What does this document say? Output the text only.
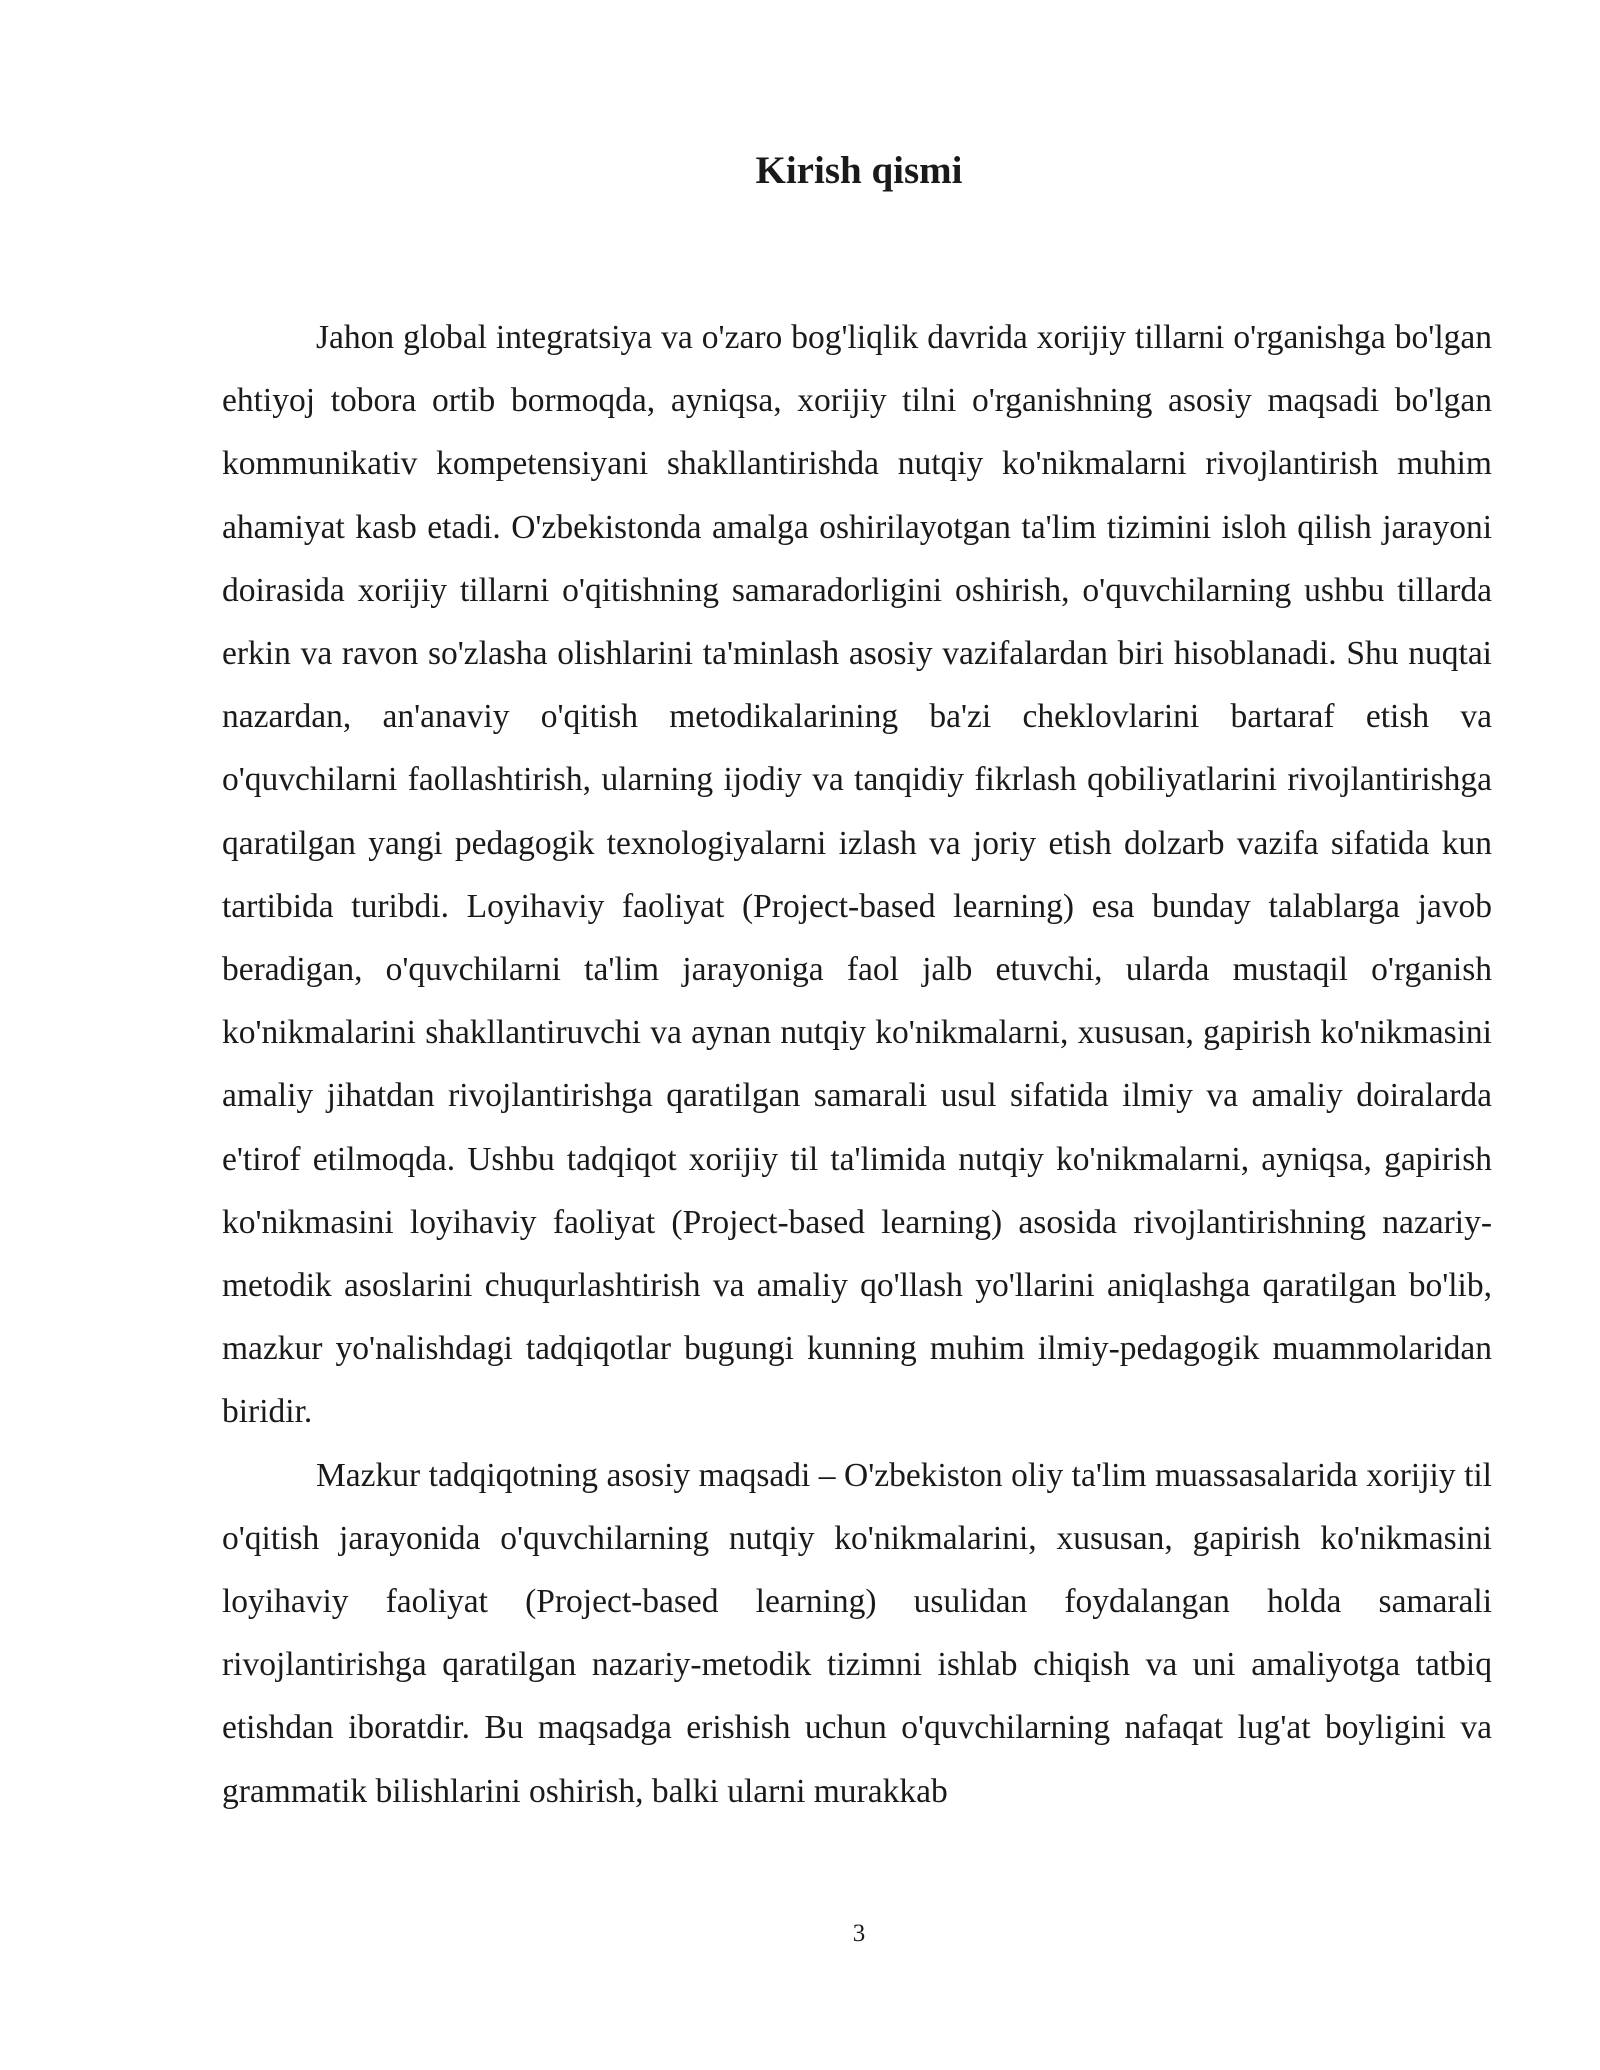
Kirish qismi

Jahon global integratsiya va o'zaro bog'liqlik davrida xorijiy tillarni o'rganishga bo'lgan ehtiyoj tobora ortib bormoqda, ayniqsa, xorijiy tilni o'rganishning asosiy maqsadi bo'lgan kommunikativ kompetensiyani shakllantirishda nutqiy ko'nikmalarni rivojlantirish muhim ahamiyat kasb etadi. O'zbekistonda amalga oshirilayotgan ta'lim tizimini isloh qilish jarayoni doirasida xorijiy tillarni o'qitishning samaradorligini oshirish, o'quvchilarning ushbu tillarda erkin va ravon so'zlasha olishlarini ta'minlash asosiy vazifalardan biri hisoblanadi. Shu nuqtai nazardan, an'anaviy o'qitish metodikalarining ba'zi cheklovlarini bartaraf etish va o'quvchilarni faollashtirish, ularning ijodiy va tanqidiy fikrlash qobiliyatlarini rivojlantirishga qaratilgan yangi pedagogik texnologiyalarni izlash va joriy etish dolzarb vazifa sifatida kun tartibida turibdi. Loyihaviy faoliyat (Project-based learning) esa bunday talablarga javob beradigan, o'quvchilarni ta'lim jarayoniga faol jalb etuvchi, ularda mustaqil o'rganish ko'nikmalarini shakllantiruvchi va aynan nutqiy ko'nikmalarni, xususan, gapirish ko'nikmasini amaliy jihatdan rivojlantirishga qaratilgan samarali usul sifatida ilmiy va amaliy doiralarda e'tirof etilmoqda. Ushbu tadqiqot xorijiy til ta'limida nutqiy ko'nikmalarni, ayniqsa, gapirish ko'nikmasini loyihaviy faoliyat (Project-based learning) asosida rivojlantirishning nazariy-metodik asoslarini chuqurlashtirish va amaliy qo'llash yo'llarini aniqlashga qaratilgan bo'lib, mazkur yo'nalishdagi tadqiqotlar bugungi kunning muhim ilmiy-pedagogik muammolaridan biridir.

Mazkur tadqiqotning asosiy maqsadi – O'zbekiston oliy ta'lim muassasalarida xorijiy til o'qitish jarayonida o'quvchilarning nutqiy ko'nikmalarini, xususan, gapirish ko'nikmasini loyihaviy faoliyat (Project-based learning) usulidan foydalangan holda samarali rivojlantirishga qaratilgan nazariy-metodik tizimni ishlab chiqish va uni amaliyotga tatbiq etishdan iboratdir. Bu maqsadga erishish uchun o'quvchilarning nafaqat lug'at boyligini va grammatik bilishlarini oshirish, balki ularni murakkab

3
